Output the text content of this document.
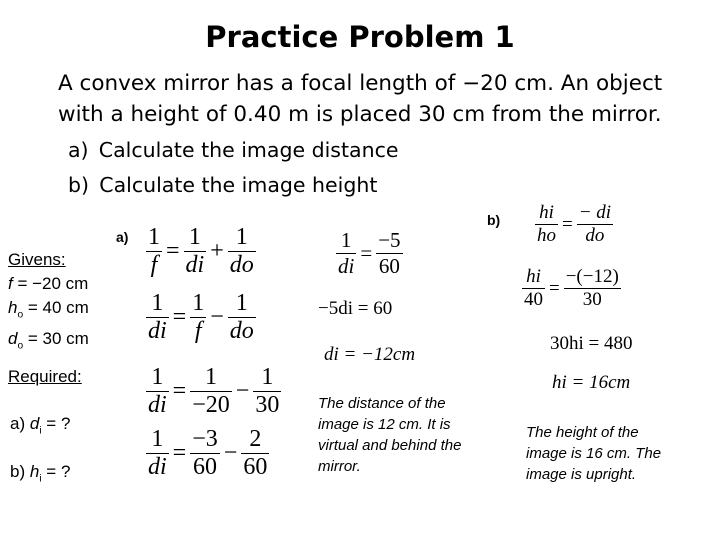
Practice Problem 1
A convex mirror has a focal length of −20 cm. An object with a height of 0.40 m is placed 30 cm from the mirror.
a) Calculate the image distance
b) Calculate the image height
Givens:
f = −20 cm
$h_o = 40$ cm
$d_o = 30$ cm
Required:
a) $d_i$ = ?
b) $h_i$ = ?
$a) \frac{1}{f} = \frac{1}{di} + \frac{1}{do}$
$\frac{1}{di} = \frac{1}{f} - \frac{1}{do}$
$\frac{1}{di} = \frac{1}{-20} - \frac{1}{30}$
$\frac{1}{di} = \frac{-3}{60} - \frac{2}{60}$
$\frac{1}{di} = \frac{-5}{60}$
−5di = 60
di = −12cm
The distance of the image is 12 cm. It is virtual and behind the mirror.
$b) \frac{hi}{ho} = \frac{- di}{do}$
$\frac{hi}{40} = \frac{-(-12)}{30}$
30hi = 480
hi = 16cm
The height of the image is 16 cm. The image is upright.
